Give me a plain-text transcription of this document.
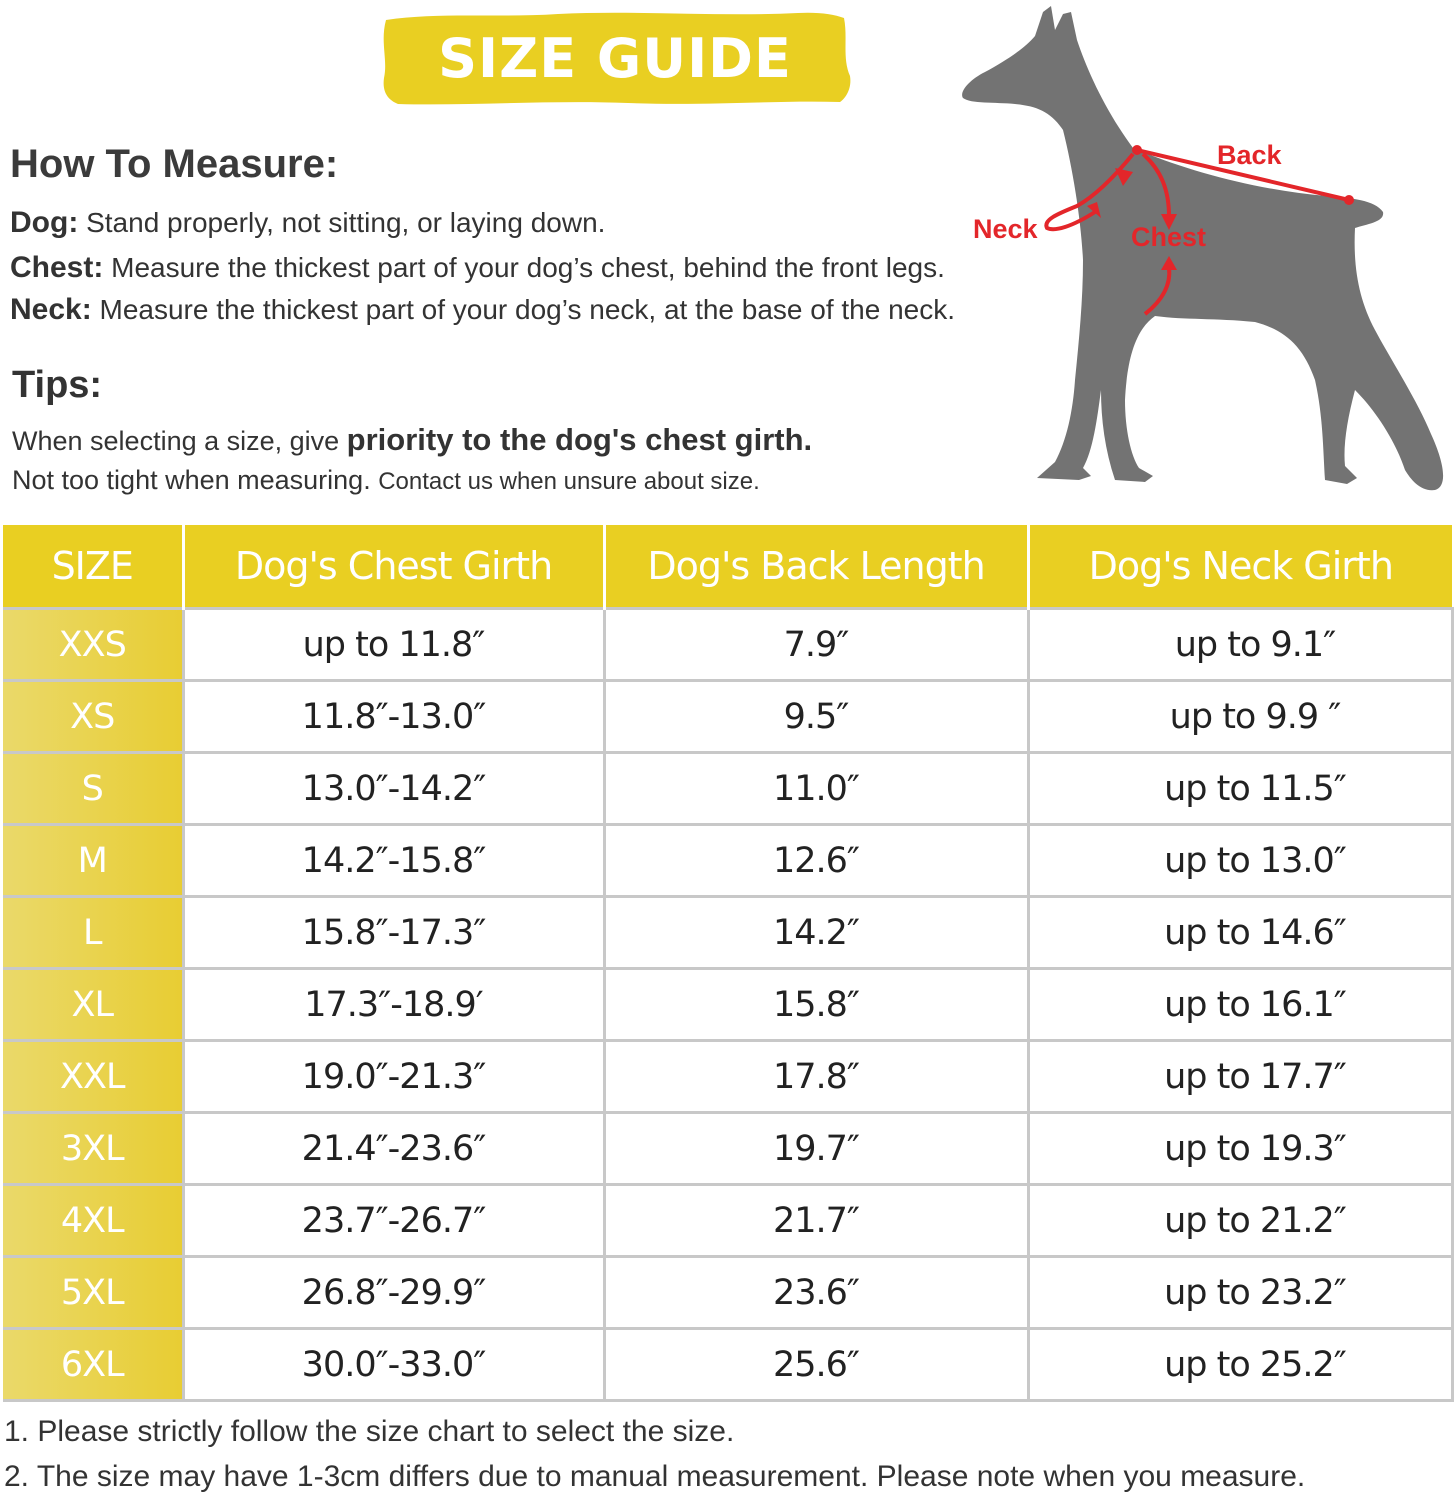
SIZE GUIDE
How To Measure:
Dog: Stand properly, not sitting, or laying down.
Chest: Measure the thickest part of your dog’s chest, behind the front legs.
Neck: Measure the thickest part of your dog’s neck, at the base of the neck.
Tips:
When selecting a size, give priority to the dog's chest girth.
Not too tight when measuring. Contact us when unsure about size.
Back
Neck	Chest
SIZE	Dog's Chest Girth	Dog's Back Length	Dog's Neck Girth
XXS	up to 11.8″	7.9″	up to 9.1″
XS	11.8″-13.0″	9.5″	up to 9.9 ″
S	13.0″-14.2″	11.0″	up to 11.5″
M	14.2″-15.8″	12.6″	up to 13.0″
L	15.8″-17.3″	14.2″	up to 14.6″
XL	17.3″-18.9′	15.8″	up to 16.1″
XXL	19.0″-21.3″	17.8″	up to 17.7″
3XL	21.4″-23.6″	19.7″	up to 19.3″
4XL	23.7″-26.7″	21.7″	up to 21.2″
5XL	26.8″-29.9″	23.6″	up to 23.2″
6XL	30.0″-33.0″	25.6″	up to 25.2″
1. Please strictly follow the size chart to select the size.
2. The size may have 1-3cm differs due to manual measurement. Please note when you measure.
